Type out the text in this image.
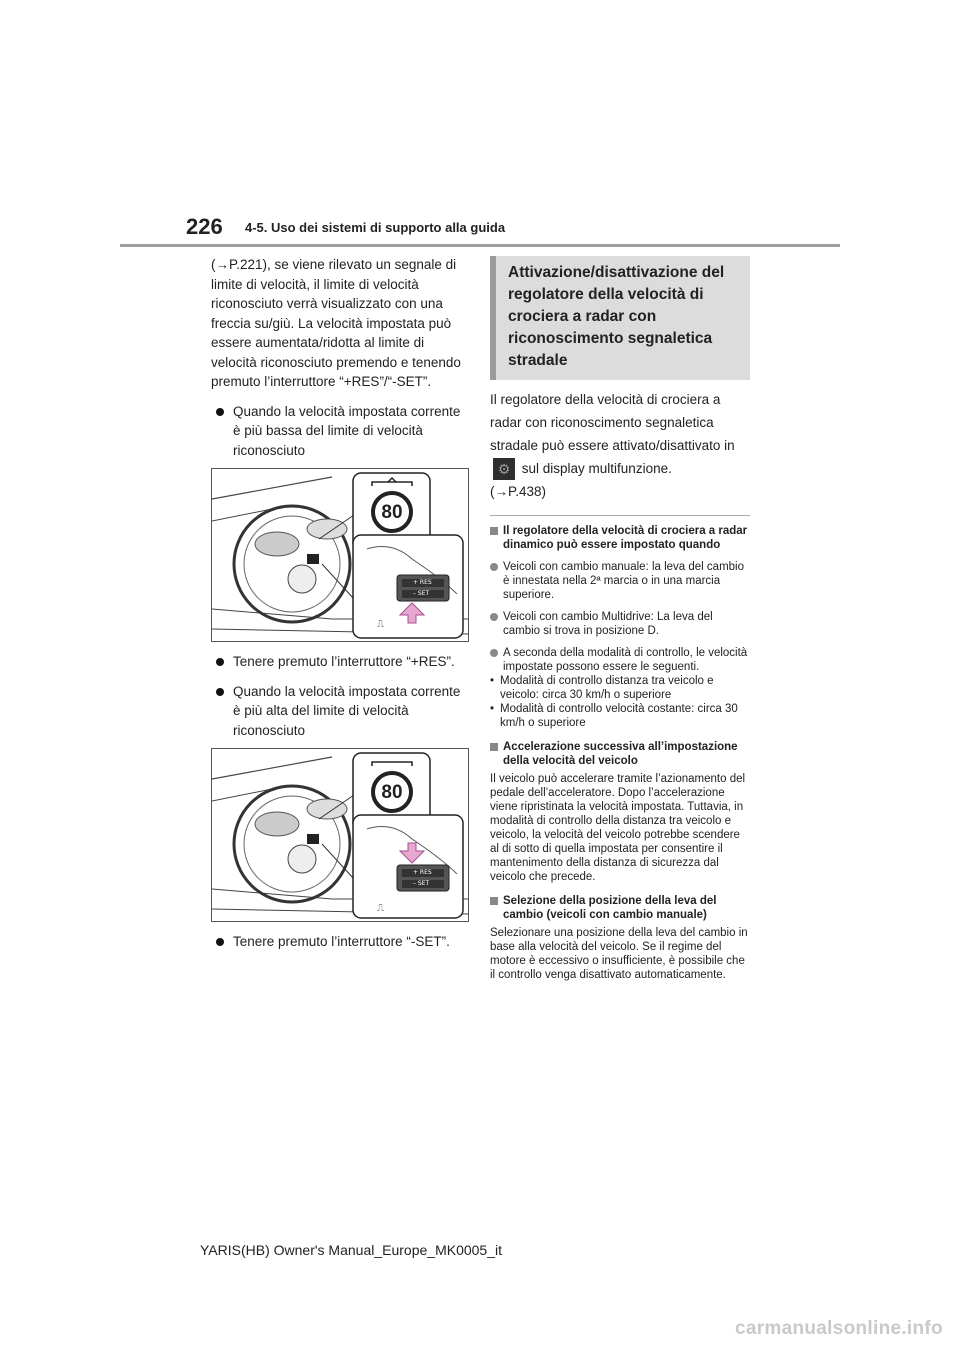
226 4-5. Uso dei sistemi di supporto alla guida

(→P.221), se viene rilevato un segnale di limite di velocità, il limite di velocità riconosciuto verrà visualizzato con una freccia su/giù. La velocità impostata può essere aumentata/ridotta al limite di velocità riconosciuto premendo e tenendo premuto l’interruttore “+RES”/“-SET”.

Quando la velocità impostata corrente è più bassa del limite di velocità riconosciuto
⎍
80
+ RES
– SET
Tenere premuto l’interruttore “+RES”.
Quando la velocità impostata corrente è più alta del limite di velocità riconosciuto
⎍
80
+ RES
– SET
Tenere premuto l’interruttore “-SET”.
Attivazione/disattivazione del regolatore della velocità di crociera a radar con riconoscimento segnaletica stradale

Il regolatore della velocità di crociera a radar con riconoscimento segnaletica stradale può essere attivato/disattivato in
⚙ sul display multifunzione.
(→P.438)

Il regolatore della velocità di crociera a radar dinamico può essere impostato quando
Veicoli con cambio manuale: la leva del cambio è innestata nella 2ª marcia o in una marcia superiore.
Veicoli con cambio Multidrive: La leva del cambio si trova in posizione D.
A seconda della modalità di controllo, le velocità impostate possono essere le seguenti.
• Modalità di controllo distanza tra veicolo e veicolo: circa 30 km/h o superiore
• Modalità di controllo velocità costante: circa 30 km/h o superiore
Accelerazione successiva all’impostazione della velocità del veicolo

Il veicolo può accelerare tramite l’azionamento del pedale dell’acceleratore. Dopo l’accelerazione viene ripristinata la velocità impostata. Tuttavia, in modalità di controllo della distanza tra veicolo e veicolo, la velocità del veicolo potrebbe scendere al di sotto di quella impostata per consentire il mantenimento della distanza di sicurezza dal veicolo che precede.

Selezione della posizione della leva del cambio (veicoli con cambio manuale)

Selezionare una posizione della leva del cambio in base alla velocità del veicolo. Se il regime del motore è eccessivo o insufficiente, è possibile che il controllo venga disattivato automaticamente.

YARIS(HB) Owner's Manual_Europe_MK0005_it
carmanualsonline.info
